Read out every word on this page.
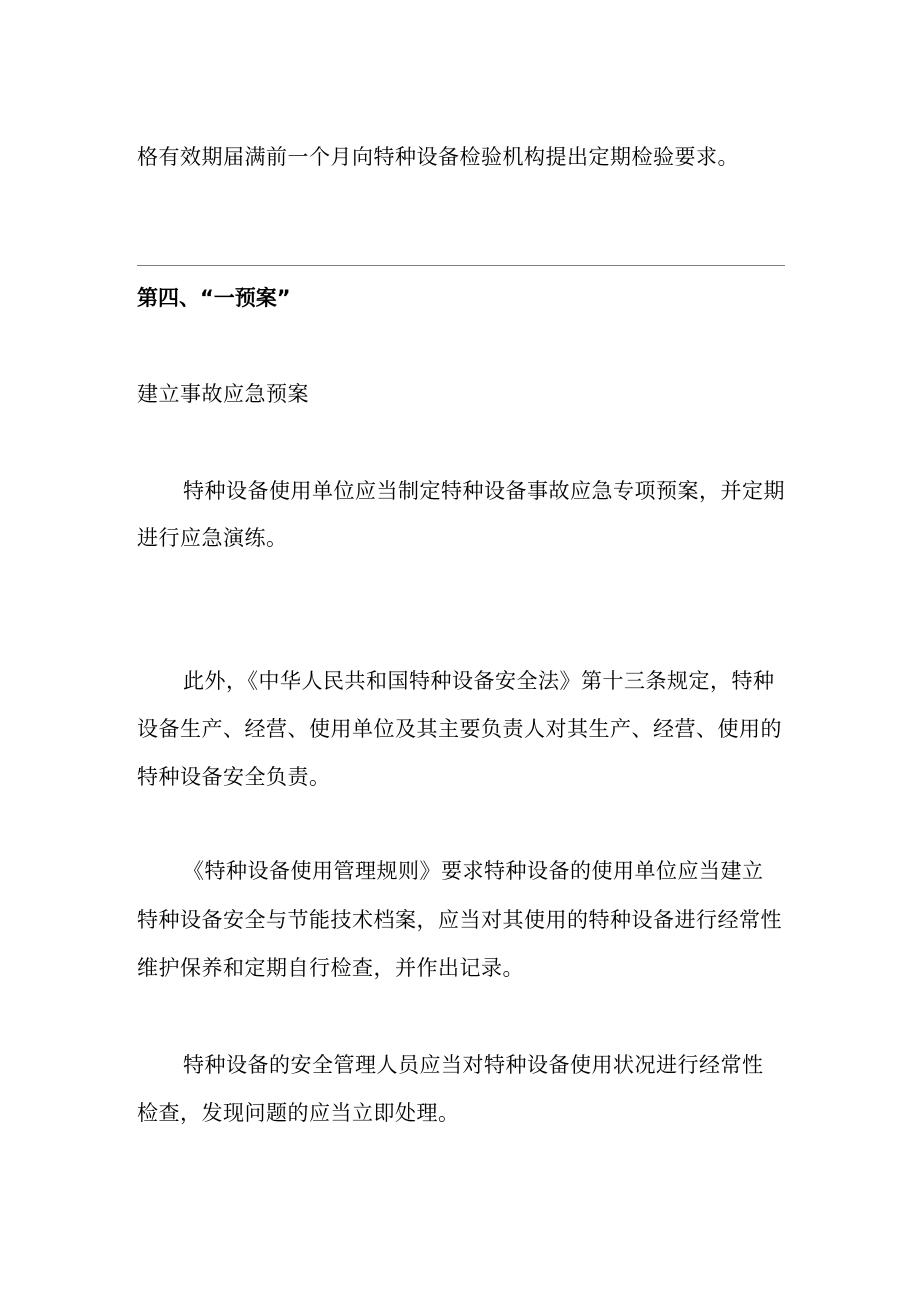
格有效期届满前一个月向特种设备检验机构提出定期检验要求。
第四、“一预案”
建立事故应急预案
特种设备使用单位应当制定特种设备事故应急专项预案，并定期
进行应急演练。
此外，《中华人民共和国特种设备安全法》第十三条规定，特种
设备生产、经营、使用单位及其主要负责人对其生产、经营、使用的
特种设备安全负责。
《特种设备使用管理规则》要求特种设备的使用单位应当建立
特种设备安全与节能技术档案，应当对其使用的特种设备进行经常性
维护保养和定期自行检查，并作出记录。
特种设备的安全管理人员应当对特种设备使用状况进行经常性
检查，发现问题的应当立即处理。
